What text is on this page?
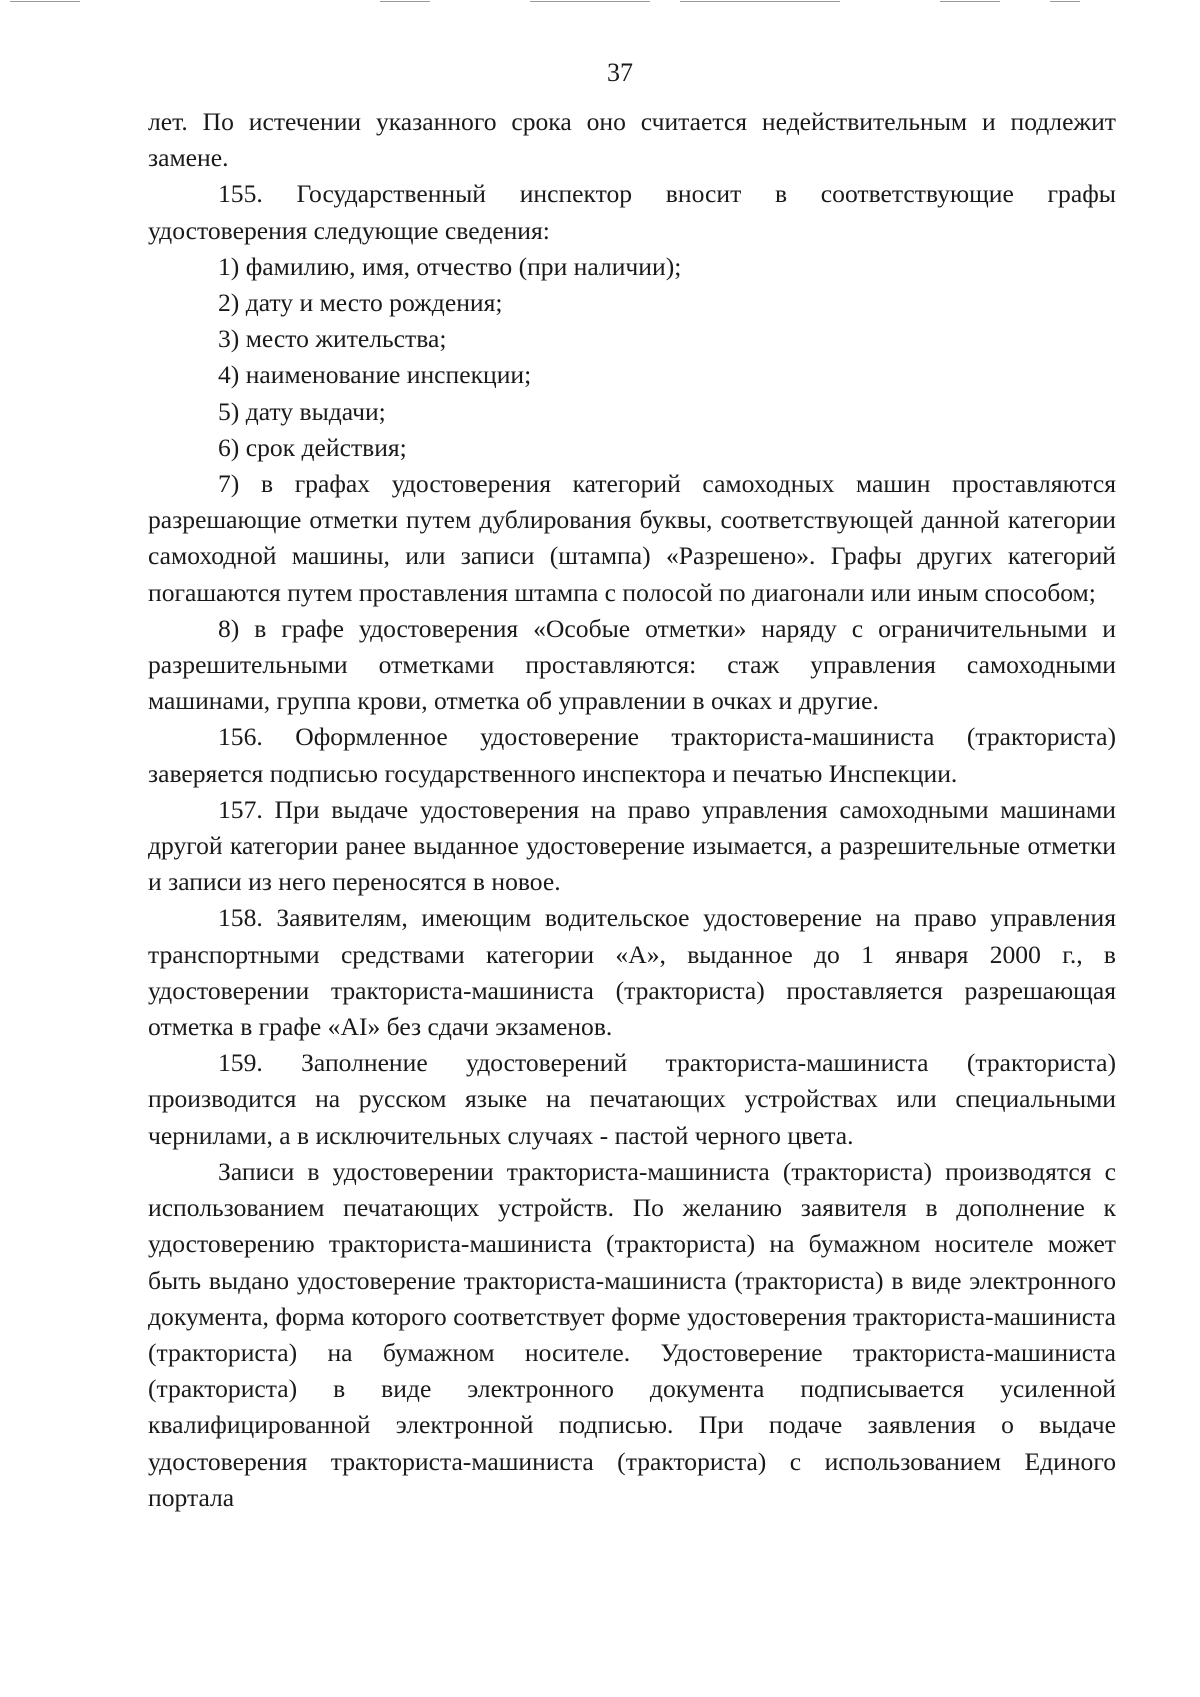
37

лет. По истечении указанного срока оно считается недействительным и подлежит замене.

155. Государственный инспектор вносит в соответствующие графы удостоверения следующие сведения:

1) фамилию, имя, отчество (при наличии);

2) дату и место рождения;

3) место жительства;

4) наименование инспекции;

5) дату выдачи;

6) срок действия;

7) в графах удостоверения категорий самоходных машин проставляются разрешающие отметки путем дублирования буквы, соответствующей данной категории самоходной машины, или записи (штампа) «Разрешено». Графы других категорий погашаются путем проставления штампа с полосой по диагонали или иным способом;

8) в графе удостоверения «Особые отметки» наряду с ограничительными и разрешительными отметками проставляются: стаж управления самоходными машинами, группа крови, отметка об управлении в очках и другие.

156. Оформленное удостоверение тракториста-машиниста (тракториста) заверяется подписью государственного инспектора и печатью Инспекции.

157. При выдаче удостоверения на право управления самоходными машинами другой категории ранее выданное удостоверение изымается, а разрешительные отметки и записи из него переносятся в новое.

158. Заявителям, имеющим водительское удостоверение на право управления транспортными средствами категории «А», выданное до 1 января 2000 г., в удостоверении тракториста-машиниста (тракториста) проставляется разрешающая отметка в графе «AI» без сдачи экзаменов.

159. Заполнение удостоверений тракториста-машиниста (тракториста) производится на русском языке на печатающих устройствах или специальными чернилами, а в исключительных случаях - пастой черного цвета.

Записи в удостоверении тракториста-машиниста (тракториста) производятся с использованием печатающих устройств. По желанию заявителя в дополнение к удостоверению тракториста-машиниста (тракториста) на бумажном носителе может быть выдано удостоверение тракториста-машиниста (тракториста) в виде электронного документа, форма которого соответствует форме удостоверения тракториста-машиниста (тракториста) на бумажном носителе. Удостоверение тракториста-машиниста (тракториста) в виде электронного документа подписывается усиленной квалифицированной электронной подписью. При подаче заявления о выдаче удостоверения тракториста-машиниста (тракториста) с использованием Единого портала
